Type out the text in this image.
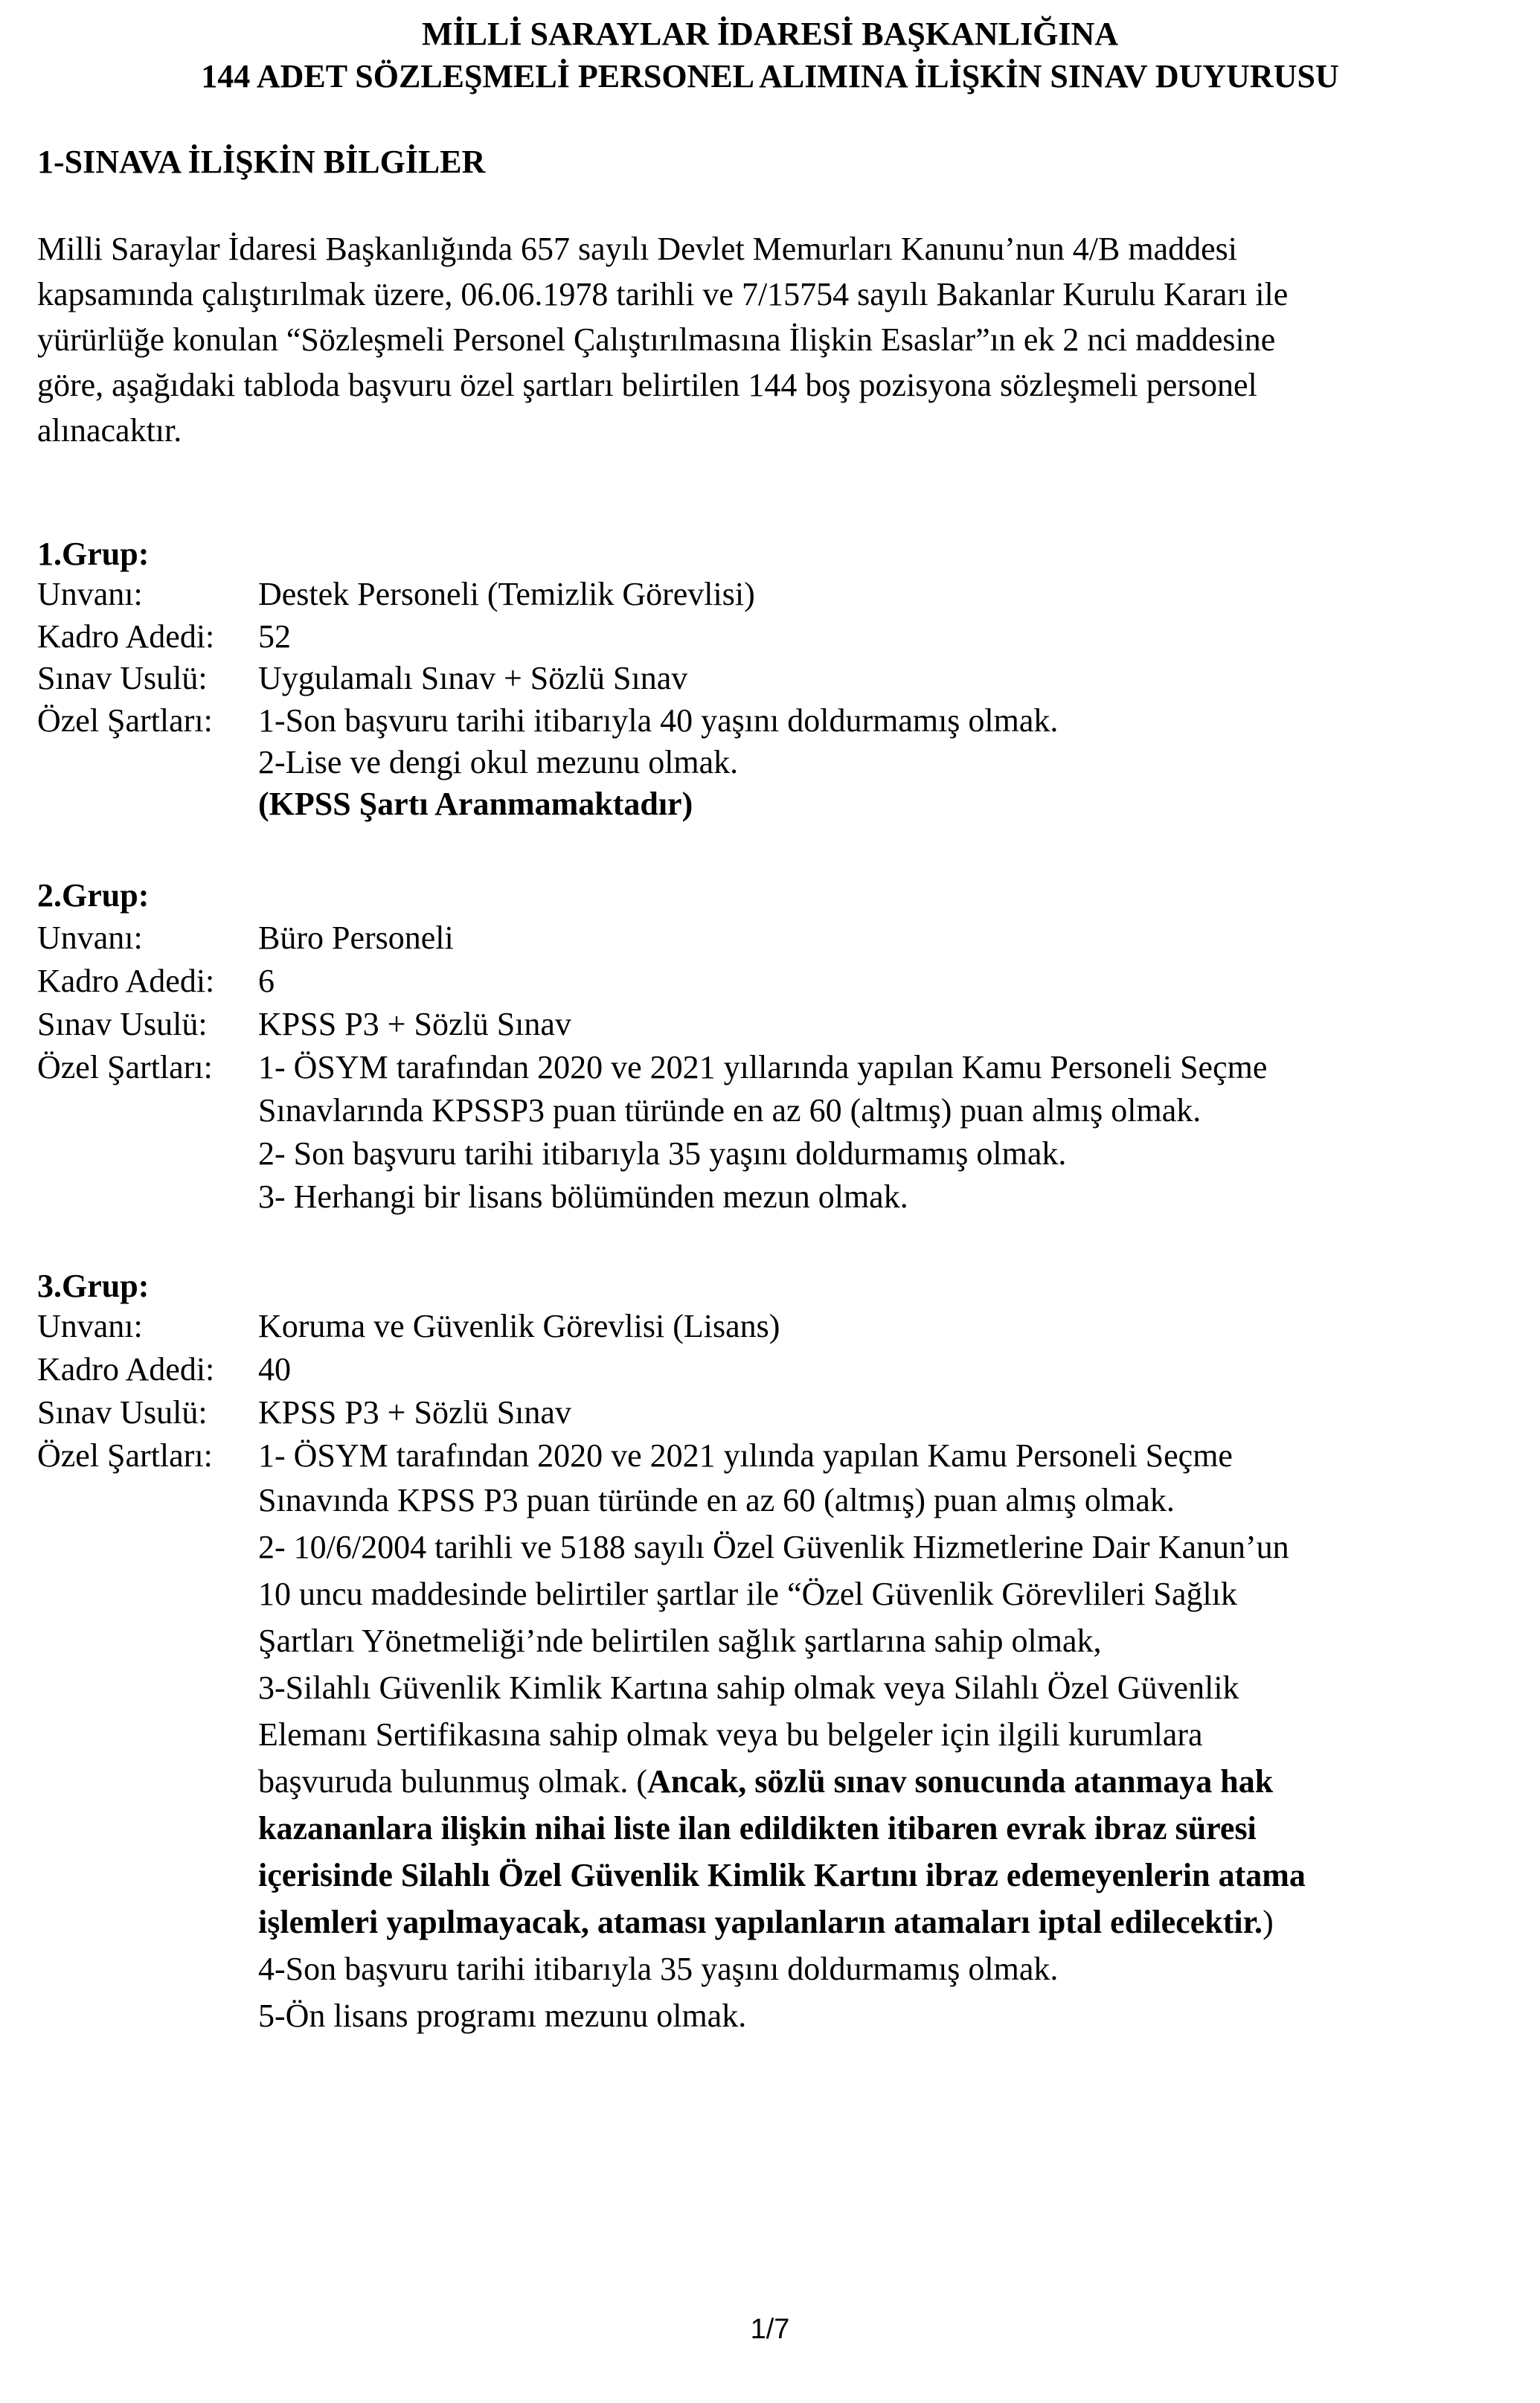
MİLLİ SARAYLAR İDARESİ BAŞKANLIĞINA
144 ADET SÖZLEŞMELİ PERSONEL ALIMINA İLİŞKİN SINAV DUYURUSU
1-SINAVA İLİŞKİN BİLGİLER
Milli Saraylar İdaresi Başkanlığında 657 sayılı Devlet Memurları Kanunu’nun 4/B maddesi
kapsamında çalıştırılmak üzere, 06.06.1978 tarihli ve 7/15754 sayılı Bakanlar Kurulu Kararı ile
yürürlüğe konulan “Sözleşmeli Personel Çalıştırılmasına İlişkin Esaslar”ın ek 2 nci maddesine
göre, aşağıdaki tabloda başvuru özel şartları belirtilen 144 boş pozisyona sözleşmeli personel
alınacaktır.
1.Grup:
Unvanı:	Destek Personeli (Temizlik Görevlisi)
Kadro Adedi: 52
Sınav Usulü: Uygulamalı Sınav + Sözlü Sınav
Özel Şartları: 1-Son başvuru tarihi itibarıyla 40 yaşını doldurmamış olmak.
2-Lise ve dengi okul mezunu olmak.
(KPSS Şartı Aranmamaktadır)
2.Grup:
Unvanı:	Büro Personeli
Kadro Adedi: 6
Sınav Usulü: KPSS P3 + Sözlü Sınav
Özel Şartları: 1- ÖSYM tarafından 2020 ve 2021 yıllarında yapılan Kamu Personeli Seçme
Sınavlarında KPSSP3 puan türünde en az 60 (altmış) puan almış olmak.
2- Son başvuru tarihi itibarıyla 35 yaşını doldurmamış olmak.
3- Herhangi bir lisans bölümünden mezun olmak.
3.Grup:
Unvanı:	Koruma ve Güvenlik Görevlisi (Lisans)
Kadro Adedi: 40
Sınav Usulü: KPSS P3 + Sözlü Sınav
Özel Şartları: 1- ÖSYM tarafından 2020 ve 2021 yılında yapılan Kamu Personeli Seçme
Sınavında KPSS P3 puan türünde en az 60 (altmış) puan almış olmak.
2- 10/6/2004 tarihli ve 5188 sayılı Özel Güvenlik Hizmetlerine Dair Kanun’un
10 uncu maddesinde belirtiler şartlar ile “Özel Güvenlik Görevlileri Sağlık
Şartları Yönetmeliği’nde belirtilen sağlık şartlarına sahip olmak,
3-Silahlı Güvenlik Kimlik Kartına sahip olmak veya Silahlı Özel Güvenlik
Elemanı Sertifikasına sahip olmak veya bu belgeler için ilgili kurumlara
başvuruda bulunmuş olmak. (Ancak, sözlü sınav sonucunda atanmaya hak
kazananlara ilişkin nihai liste ilan edildikten itibaren evrak ibraz süresi
içerisinde Silahlı Özel Güvenlik Kimlik Kartını ibraz edemeyenlerin atama
işlemleri yapılmayacak, ataması yapılanların atamaları iptal edilecektir.)
4-Son başvuru tarihi itibarıyla 35 yaşını doldurmamış olmak.
5-Ön lisans programı mezunu olmak.
1/7
